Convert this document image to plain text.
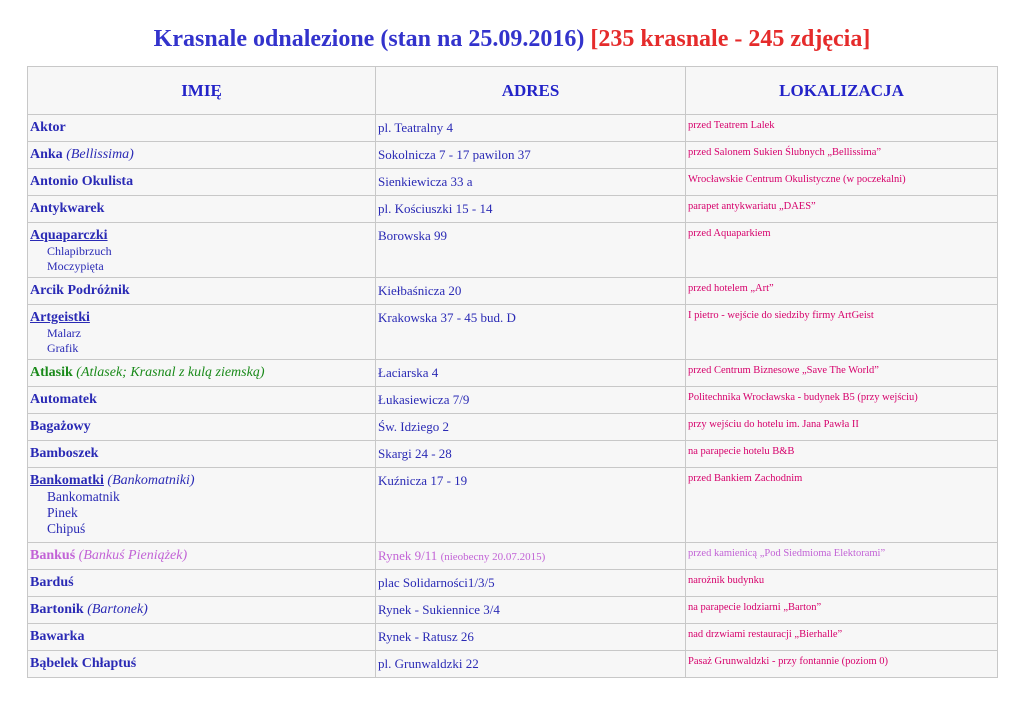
Krasnale odnalezione (stan na 25.09.2016) [235 krasnale - 245 zdjęcia]
IMIĘ	ADRES	LOKALIZACJA
Aktor	pl. Teatralny 4	przed Teatrem Lalek
Anka (Bellissima)	Sokolnicza 7 - 17 pawilon 37	przed Salonem Sukien Ślubnych „Bellissima”
Antonio Okulista	Sienkiewicza 33 a	Wrocławskie Centrum Okulistyczne (w poczekalni)
Antykwarek	pl. Kościuszki 15 - 14	parapet antykwariatu „DAES”
Aquaparczki
Chlapibrzuch
Moczypięta	Borowska 99	przed Aquaparkiem
Arcik Podróżnik	Kiełbaśnicza 20	przed hotelem „Art”
Artgeistki
Malarz
Grafik	Krakowska 37 - 45 bud. D	I pietro - wejście do siedziby firmy ArtGeist
Atlasik (Atlasek; Krasnal z kulą ziemską)	Łaciarska 4	przed Centrum Biznesowe „Save The World”
Automatek	Łukasiewicza 7/9	Politechnika Wrocławska - budynek B5 (przy wejściu)
Bagażowy	Św. Idziego 2	przy wejściu do hotelu im. Jana Pawła II
Bamboszek	Skargi 24 - 28	na parapecie hotelu B&B
Bankomatki (Bankomatniki)
Bankomatnik
Pinek
Chipuś	Kuźnicza 17 - 19	przed Bankiem Zachodnim
Bankuś (Bankuś Pieniążek)	Rynek 9/11 (nieobecny 20.07.2015)	przed kamienicą „Pod Siedmioma Elektorami”
Barduś	plac Solidarności1/3/5	narożnik budynku
Bartonik (Bartonek)	Rynek - Sukiennice 3/4	na parapecie lodziarni „Barton”
Bawarka	Rynek - Ratusz 26	nad drzwiami restauracji „Bierhalle”
Bąbelek Chłaptuś	pl. Grunwaldzki 22	Pasaż Grunwaldzki - przy fontannie (poziom 0)
